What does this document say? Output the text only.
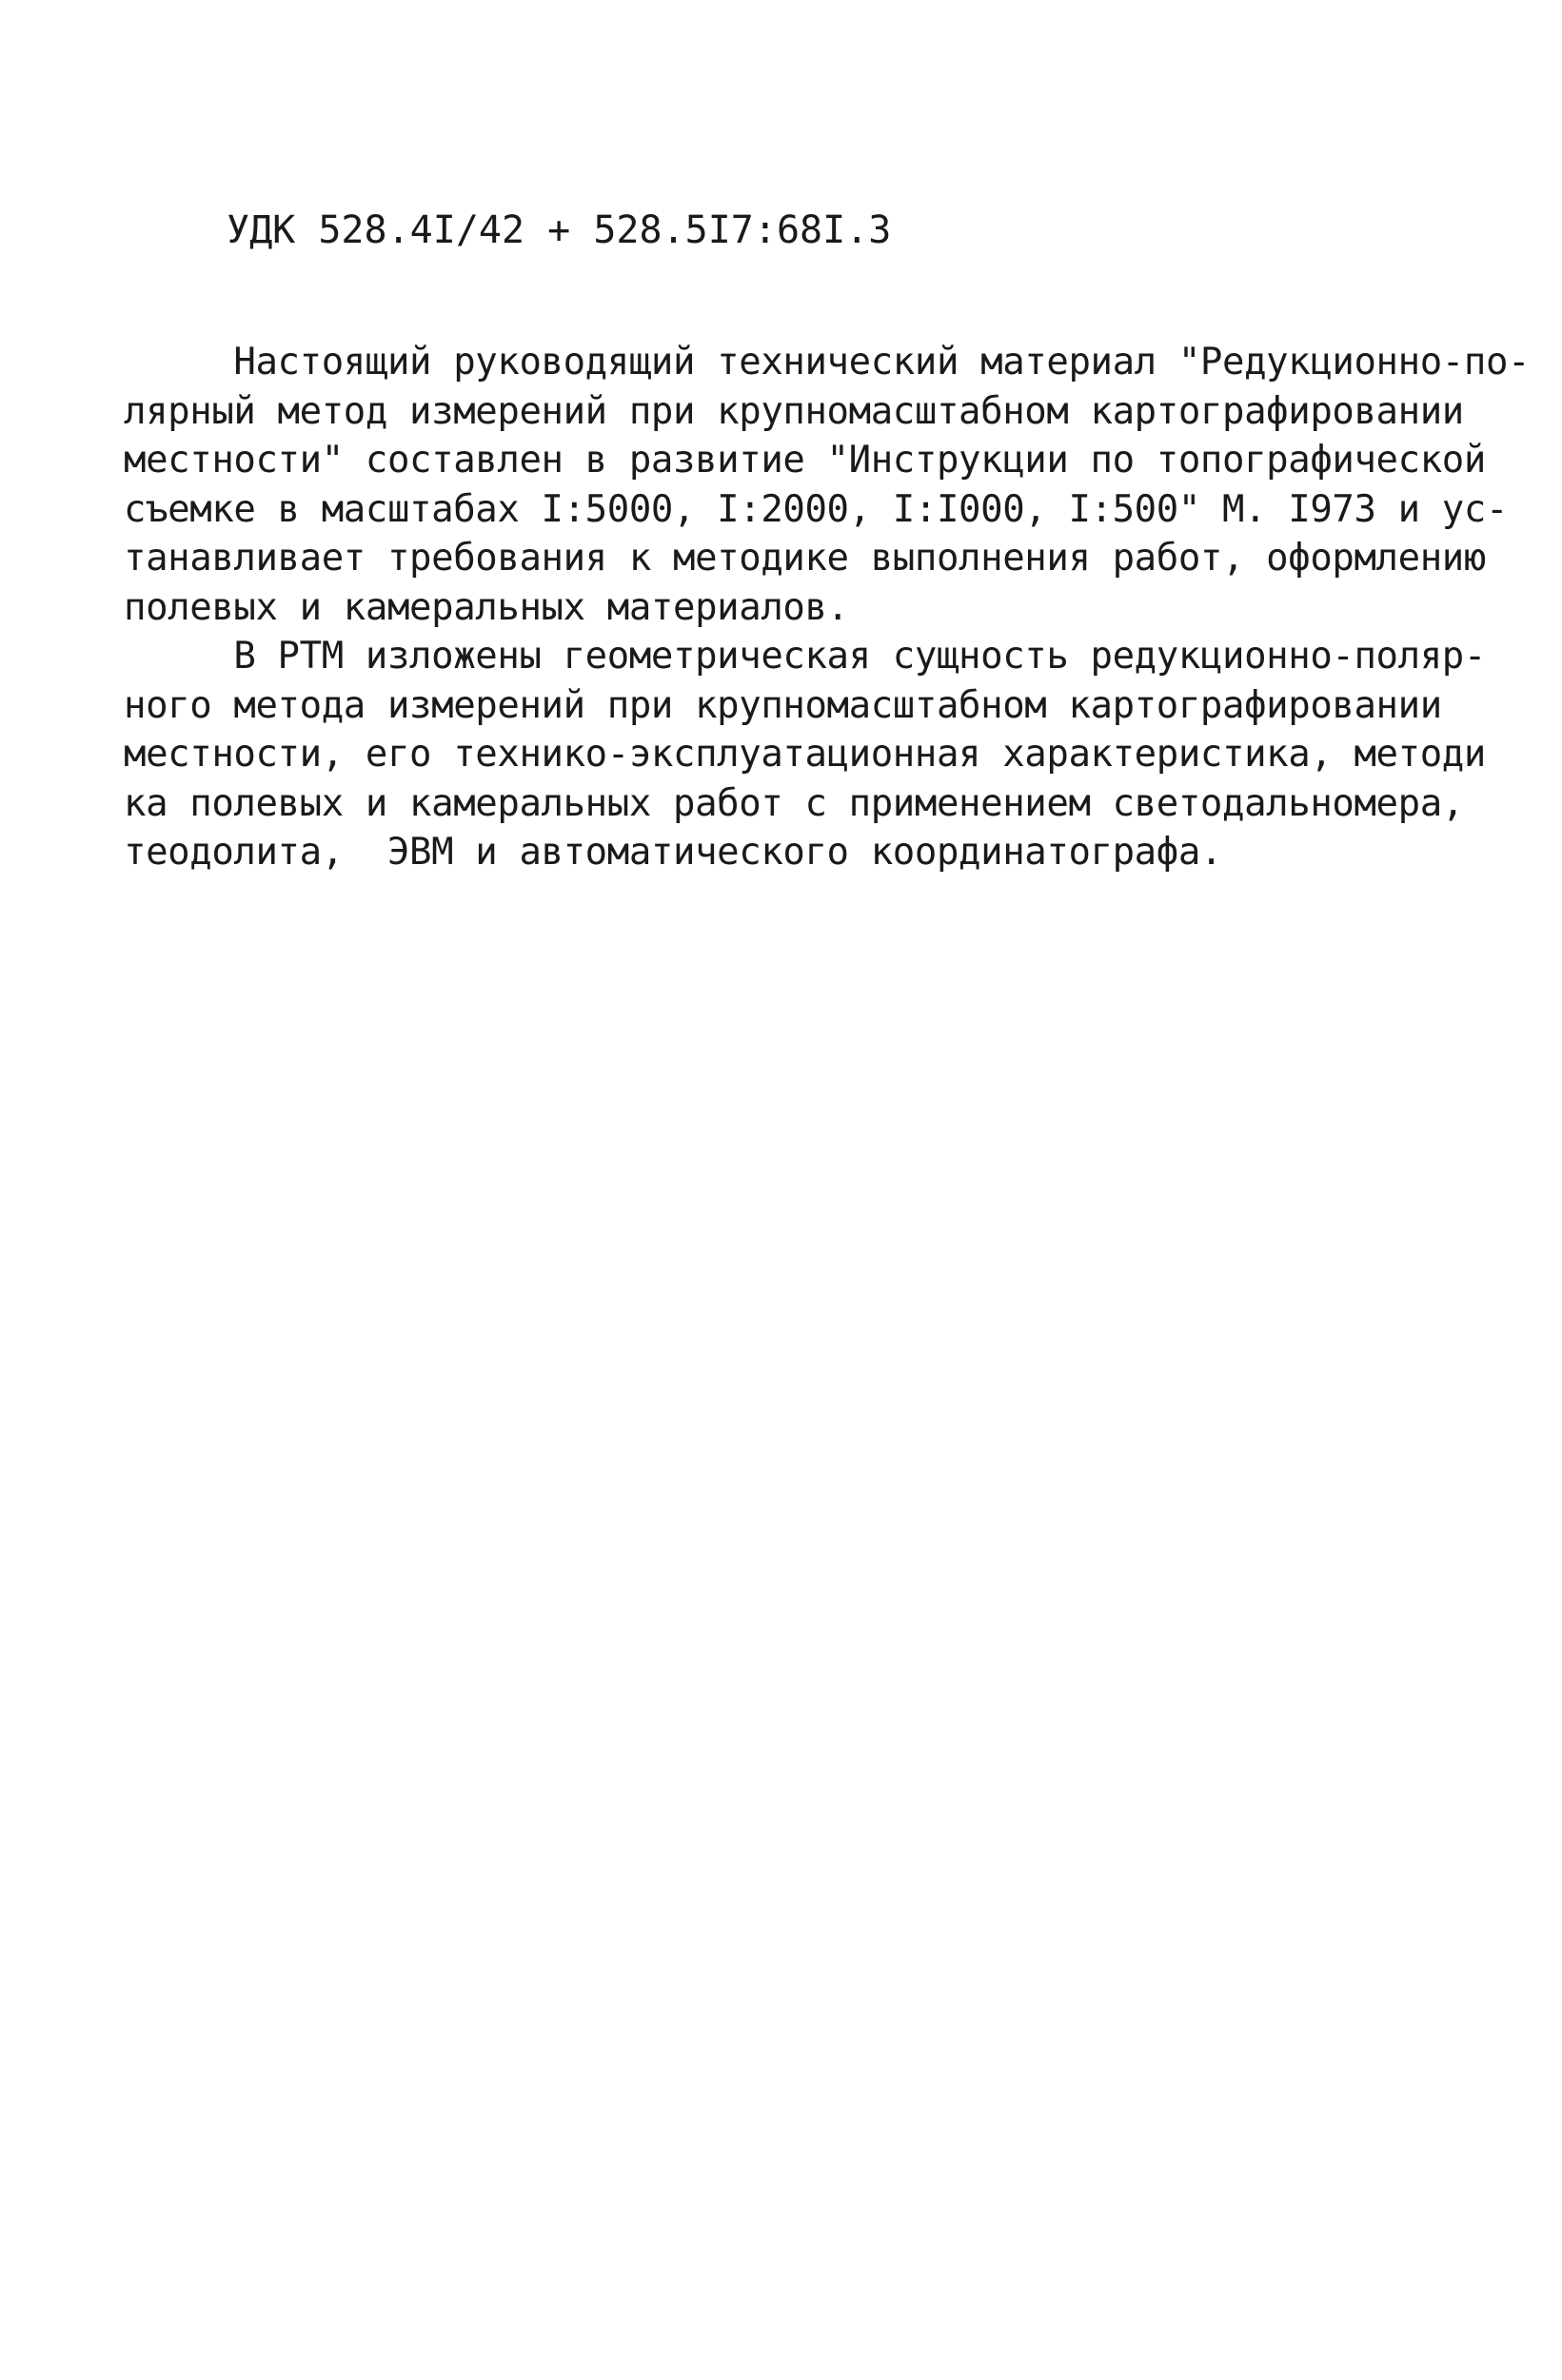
УДК 528.4I/42 + 528.5I7:68I.3
Настоящий руководящий технический материал "Редукционно-по-
лярный метод измерений при крупномасштабном картографировании
местности" составлен в развитие "Инструкции по топографической
съемке в масштабах I:5000, I:2000, I:I000, I:500" М. I973 и ус-
танавливает требования к методике выполнения работ, оформлению
полевых и камеральных материалов.
В РТМ изложены геометрическая сущность редукционно-поляр-
ного метода измерений при крупномасштабном картографировании
местности, его технико-эксплуатационная характеристика, методи
ка полевых и камеральных работ с применением светодальномера,
теодолита,  ЭВМ и автоматического координатографа.
